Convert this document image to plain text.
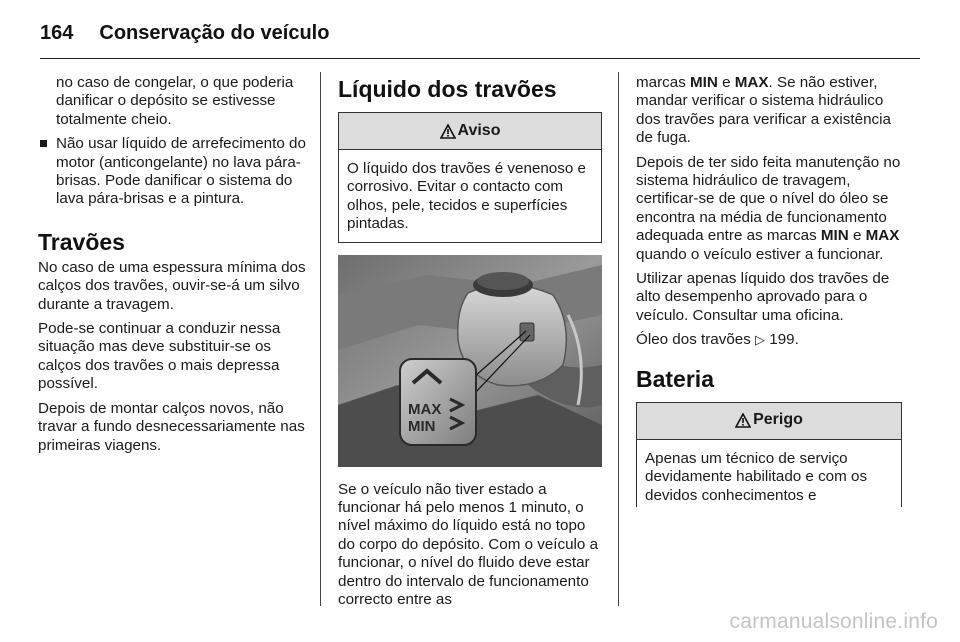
164 Conservação do veículo

no caso de congelar, o que poderia danificar o depósito se estivesse totalmente cheio.

Não usar líquido de arrefecimento do motor (anticongelante) no lava pára-brisas. Pode danificar o sistema do lava pára-brisas e a pintura.
Travões

No caso de uma espessura mínima dos calços dos travões, ouvir-se-á um silvo durante a travagem.

Pode-se continuar a conduzir nessa situação mas deve substituir-se os calços dos travões o mais depressa possível.

Depois de montar calços novos, não travar a fundo desnecessariamente nas primeiras viagens.

Líquido dos travões
Aviso
O líquido dos travões é venenoso e corrosivo. Evitar o contacto com olhos, pele, tecidos e superfícies pintadas.
MAX
MIN

Se o veículo não tiver estado a funcionar há pelo menos 1 minuto, o nível máximo do líquido está no topo do corpo do depósito. Com o veículo a funcionar, o nível do fluido deve estar dentro do intervalo de funcionamento correcto entre as

marcas MIN e MAX. Se não estiver, mandar verificar o sistema hidráulico dos travões para verificar a existência de fuga.

Depois de ter sido feita manutenção no sistema hidráulico de travagem, certificar-se de que o nível do óleo se encontra na média de funcionamento adequada entre as marcas MIN e MAX quando o veículo estiver a funcionar.

Utilizar apenas líquido dos travões de alto desempenho aprovado para o veículo. Consultar uma oficina.

Óleo dos travões ▷ 199.

Bateria
Perigo
Apenas um técnico de serviço devidamente habilitado e com os devidos conhecimentos e
carmanualsonline.info
